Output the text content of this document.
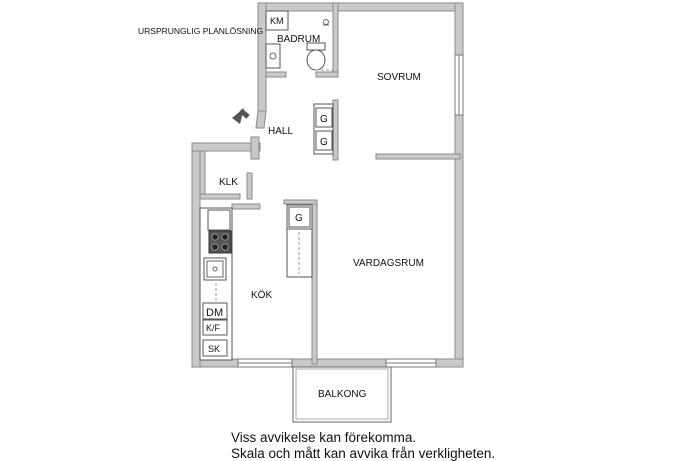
URSPRUNGLIG PLANLÖSNING
SOVRUM
BADRUM
HALL
KLK
KÖK
VARDAGSRUM
BALKONG
KM
G
G
G
DM
K/F
SK
Viss avvikelse kan förekomma.
Skala och mått kan avvika från verkligheten.
